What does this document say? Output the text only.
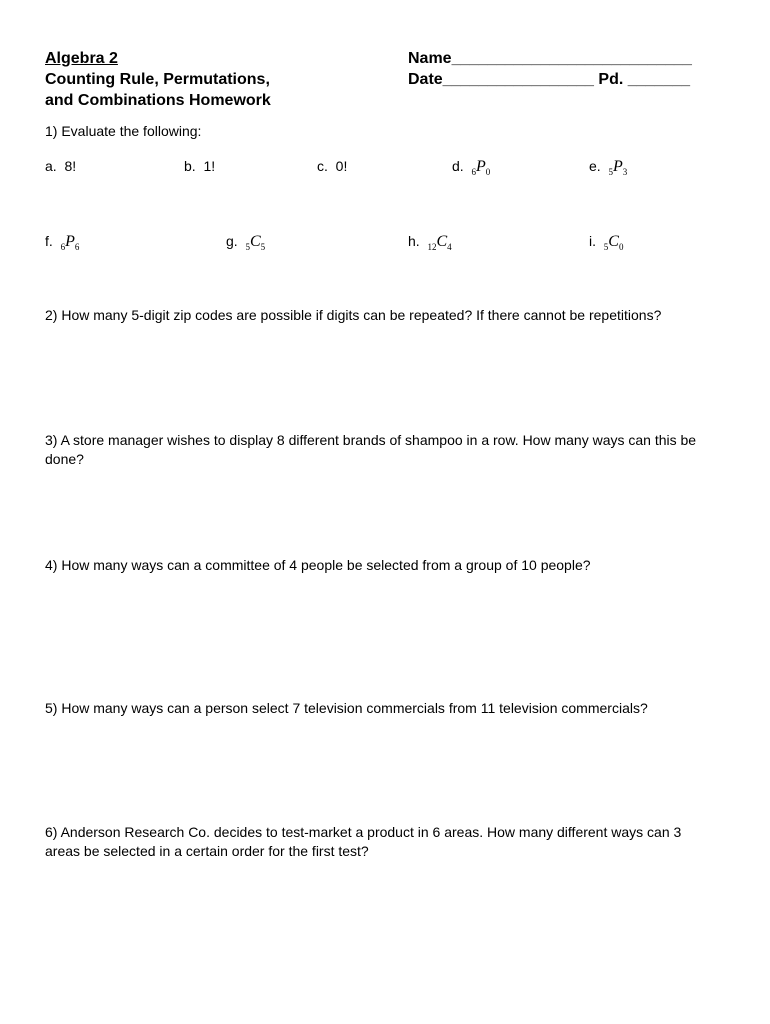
Algebra 2
Counting Rule, Permutations,
and Combinations Homework
Name___________________________
Date_________________ Pd. _______
1) Evaluate the following:
a. 8!	b. 1!	c. 0!	d. $_6P_0$	e. $_5P_3$
f. $_6P_6$	g. $_5C_5$	h. $_{12}C_4$	i. $_5C_0$
2) How many 5-digit zip codes are possible if digits can be repeated? If there cannot be repetitions?
3) A store manager wishes to display 8 different brands of shampoo in a row. How many ways can this be done?
4) How many ways can a committee of 4 people be selected from a group of 10 people?
5) How many ways can a person select 7 television commercials from 11 television commercials?
6) Anderson Research Co. decides to test-market a product in 6 areas. How many different ways can 3 areas be selected in a certain order for the first test?
